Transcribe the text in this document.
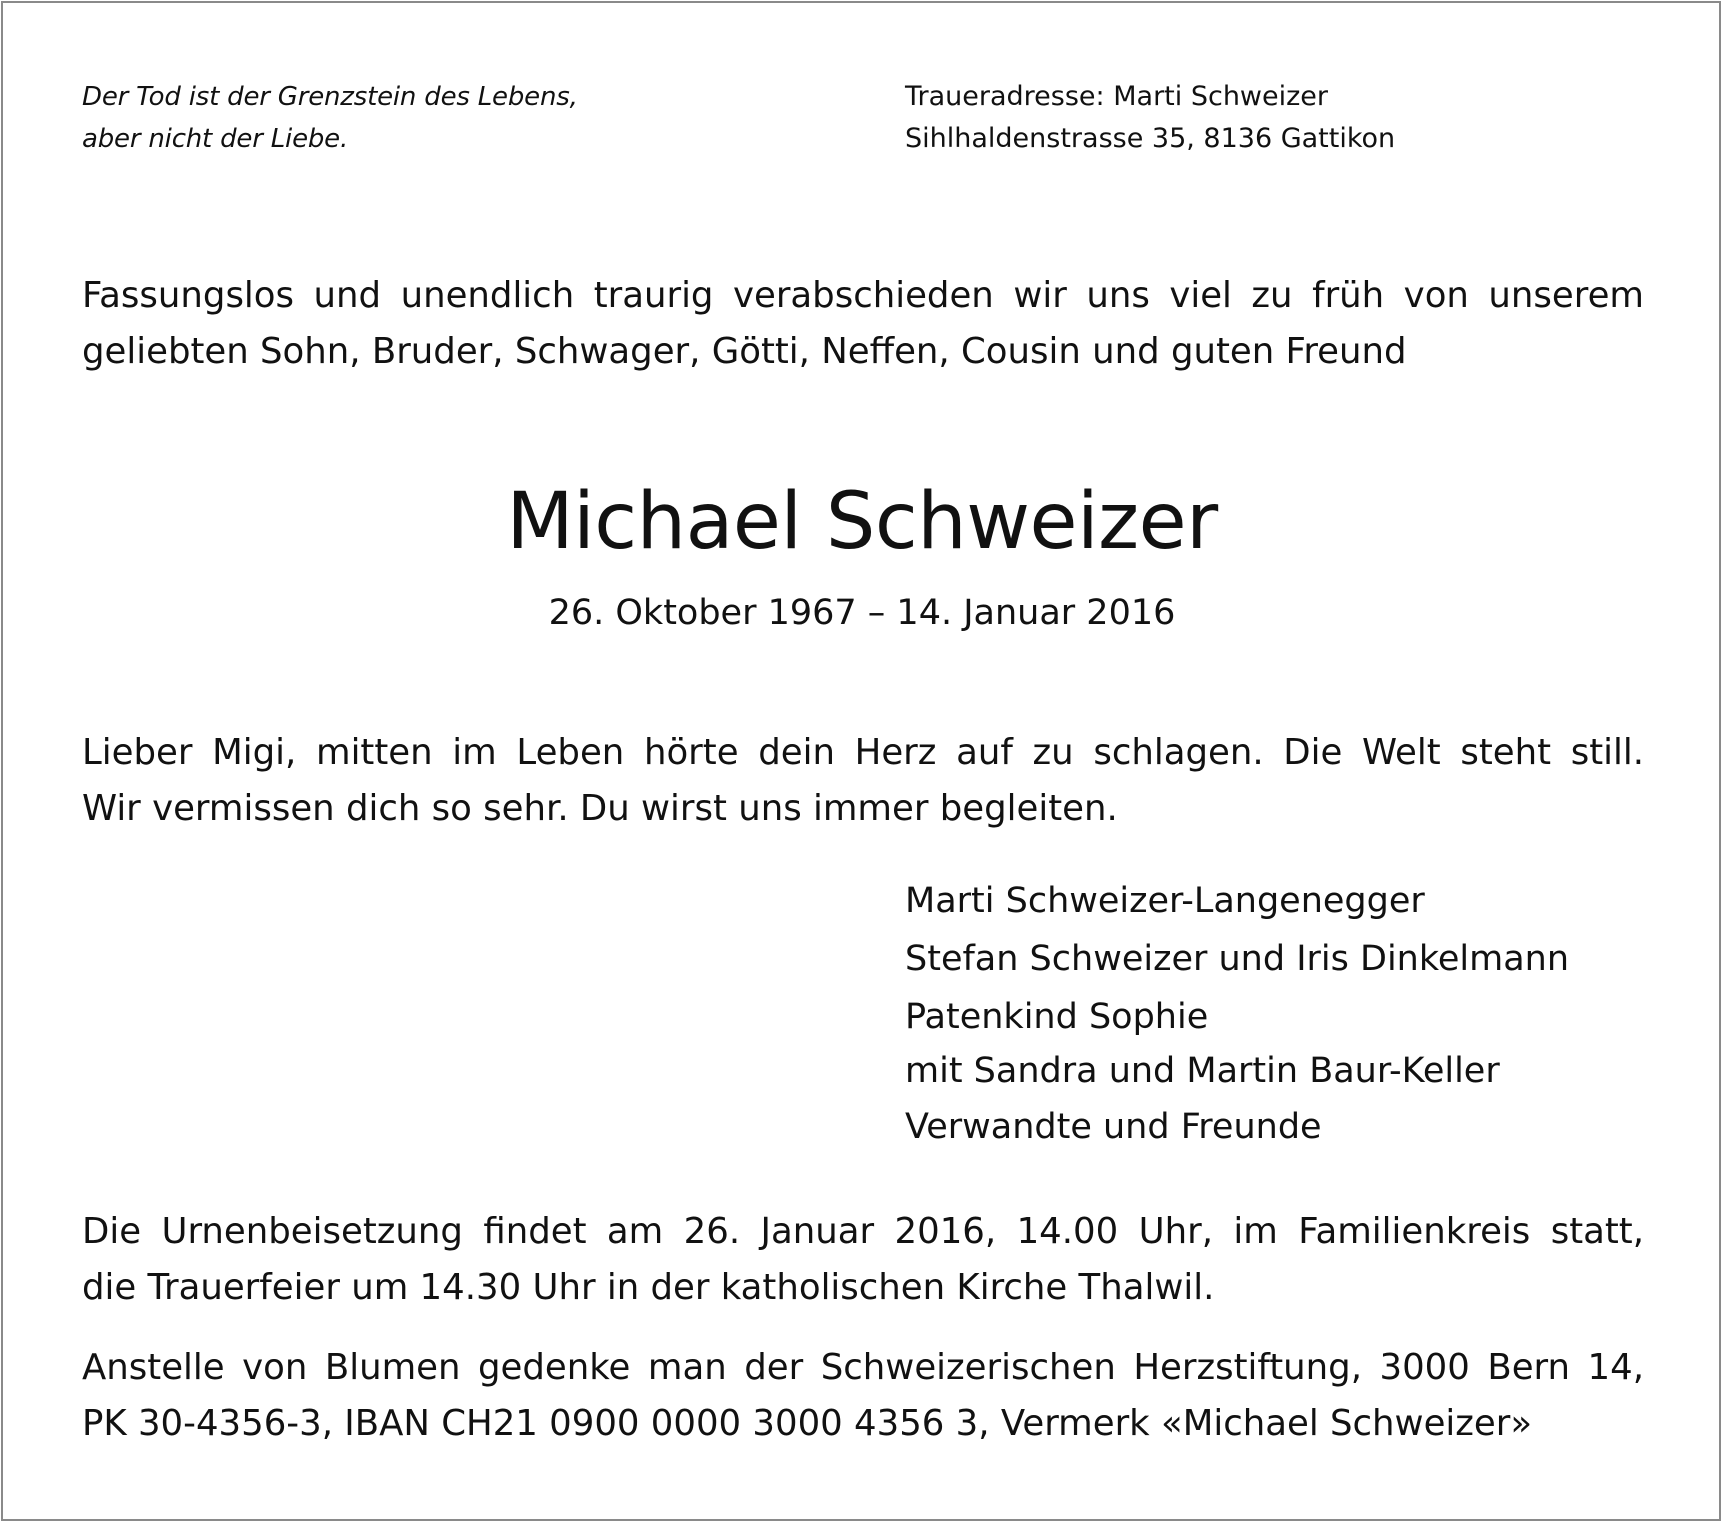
Der Tod ist der Grenzstein des Lebens,
aber nicht der Liebe.
Traueradresse: Marti Schweizer
Sihlhaldenstrasse 35, 8136 Gattikon
Fassungslos und unendlich traurig verabschieden wir uns viel zu früh von unserem
geliebten Sohn, Bruder, Schwager, Götti, Neffen, Cousin und guten Freund
Michael Schweizer
26. Oktober 1967 – 14. Januar 2016
Lieber Migi, mitten im Leben hörte dein Herz auf zu schlagen. Die Welt steht still.
Wir vermissen dich so sehr. Du wirst uns immer begleiten.
Marti Schweizer-Langenegger
Stefan Schweizer und Iris Dinkelmann
Patenkind Sophie
mit Sandra und Martin Baur-Keller
Verwandte und Freunde
Die Urnenbeisetzung findet am 26. Januar 2016, 14.00 Uhr, im Familienkreis statt,
die Trauerfeier um 14.30 Uhr in der katholischen Kirche Thalwil.
Anstelle von Blumen gedenke man der Schweizerischen Herzstiftung, 3000 Bern 14,
PK 30-4356-3, IBAN CH21 0900 0000 3000 4356 3, Vermerk «Michael Schweizer»
